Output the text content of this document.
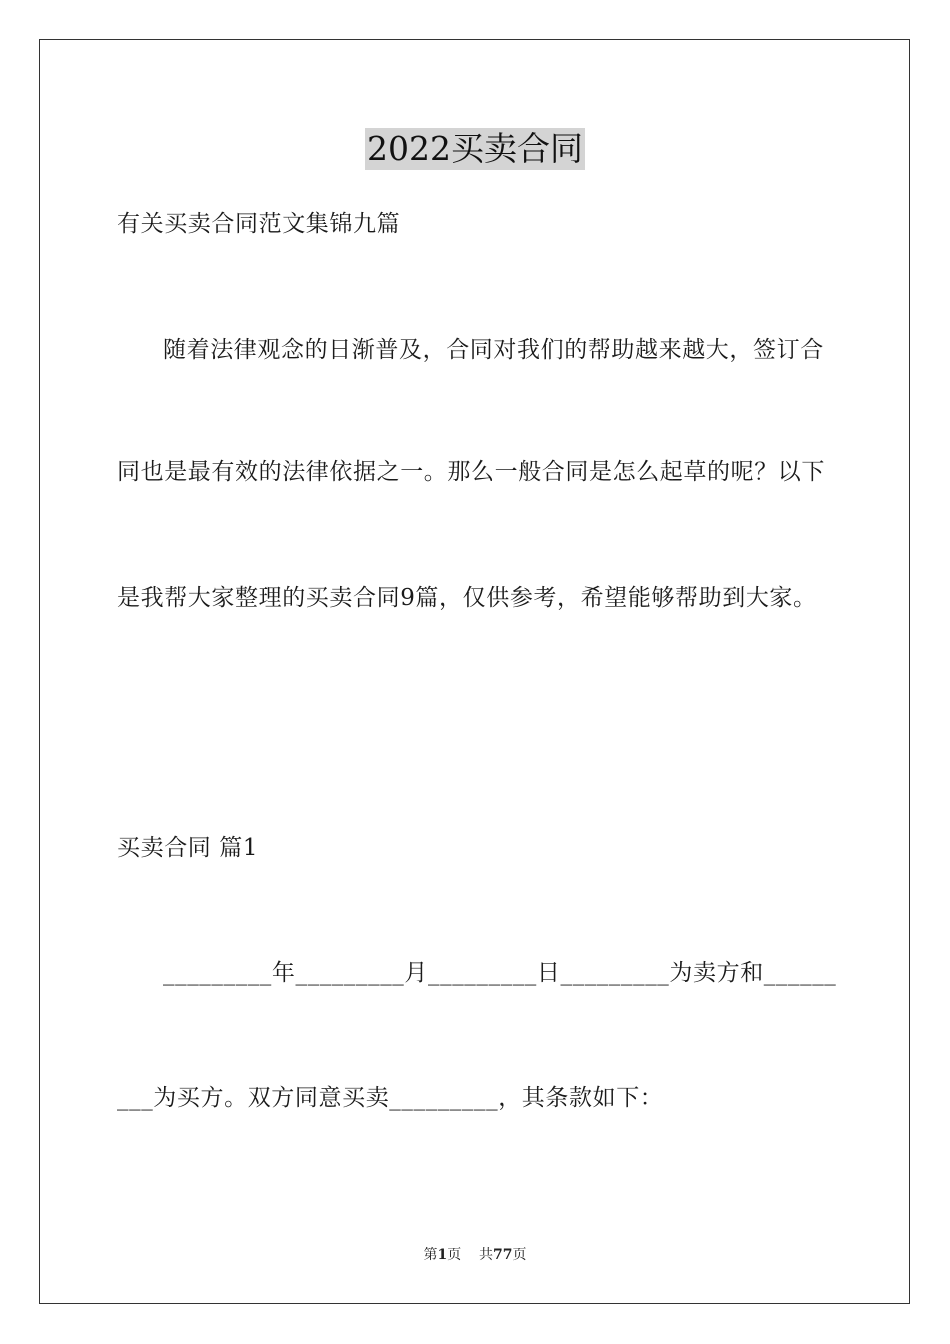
2022买卖合同
有关买卖合同范文集锦九篇
随着法律观念的日渐普及，合同对我们的帮助越来越大，签订合
同也是最有效的法律依据之一。那么一般合同是怎么起草的呢？以下
是我帮大家整理的买卖合同9篇，仅供参考，希望能够帮助到大家。
买卖合同 篇1
_________年_________月_________日_________为卖方和______
___为买方。双方同意买卖_________，其条款如下：
第1页    共77页
